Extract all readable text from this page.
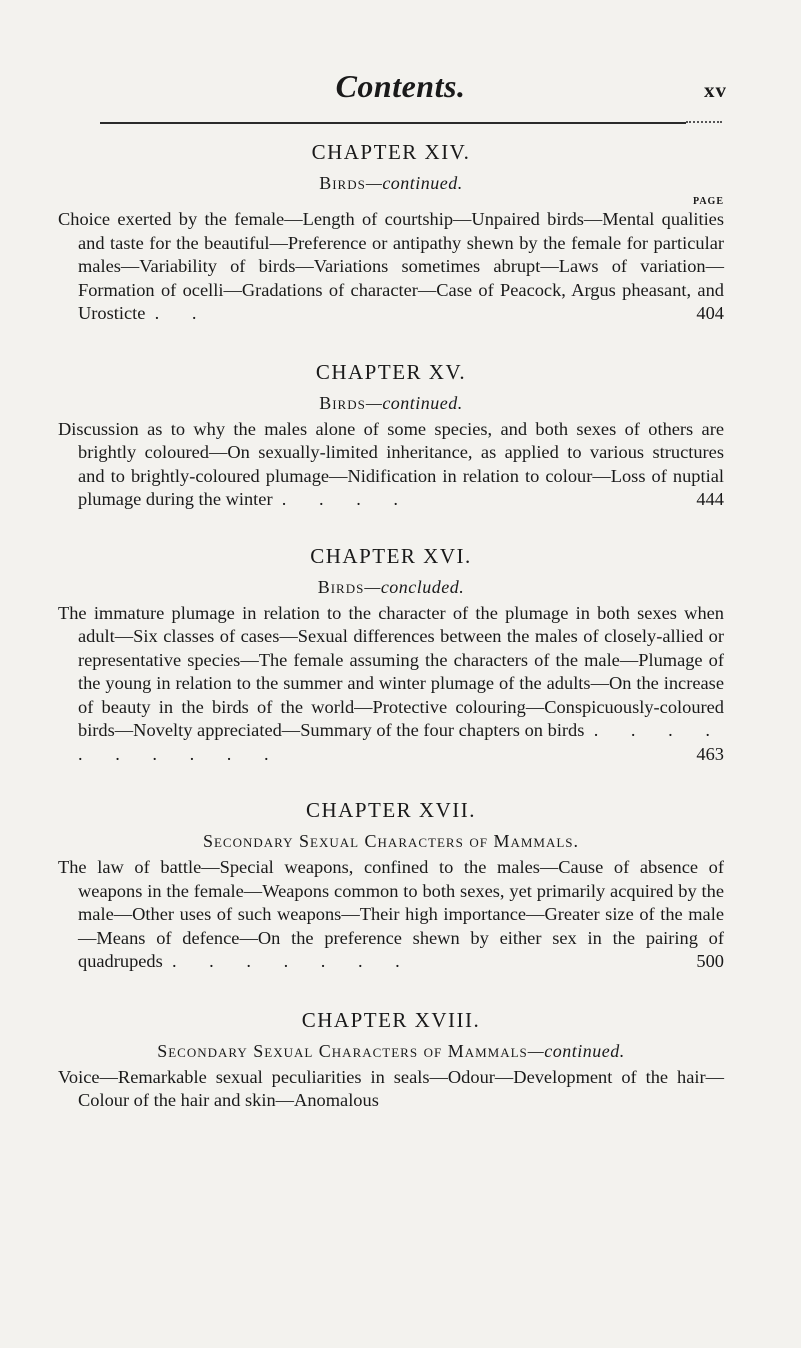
Contents.	xv
CHAPTER XIV.
Birds—continued.
PAGE

Choice exerted by the female—Length of courtship—Unpaired birds—Mental qualities and taste for the beautiful—Preference or antipathy shewn by the female for particular males—Variability of birds—Variations sometimes abrupt—Laws of variation—Formation of ocelli—Gradations of character—Case of Peacock, Argus pheasant, and Urosticte . .	404

CHAPTER XV.
Birds—continued.

Discussion as to why the males alone of some species, and both sexes of others are brightly coloured—On sexually-limited inheritance, as applied to various structures and to brightly-coloured plumage—Nidification in relation to colour—Loss of nuptial plumage during the winter . . . .	444

CHAPTER XVI.
Birds—concluded.

The immature plumage in relation to the character of the plumage in both sexes when adult—Six classes of cases—Sexual differences between the males of closely-allied or representative species—The female assuming the characters of the male—Plumage of the young in relation to the summer and winter plumage of the adults—On the increase of beauty in the birds of the world—Protective colouring—Conspicuously-coloured birds—Novelty appreciated—Summary of the four chapters on birds . . . . . . . . . .	463

CHAPTER XVII.
Secondary Sexual Characters of Mammals.

The law of battle—Special weapons, confined to the males—Cause of absence of weapons in the female—Weapons common to both sexes, yet primarily acquired by the male—Other uses of such weapons—Their high importance—Greater size of the male—Means of defence—On the preference shewn by either sex in the pairing of quadrupeds . . . . . . .	500

CHAPTER XVIII.
Secondary Sexual Characters of Mammals—continued.

Voice—Remarkable sexual peculiarities in seals—Odour—Development of the hair—Colour of the hair and skin—Anomalous
